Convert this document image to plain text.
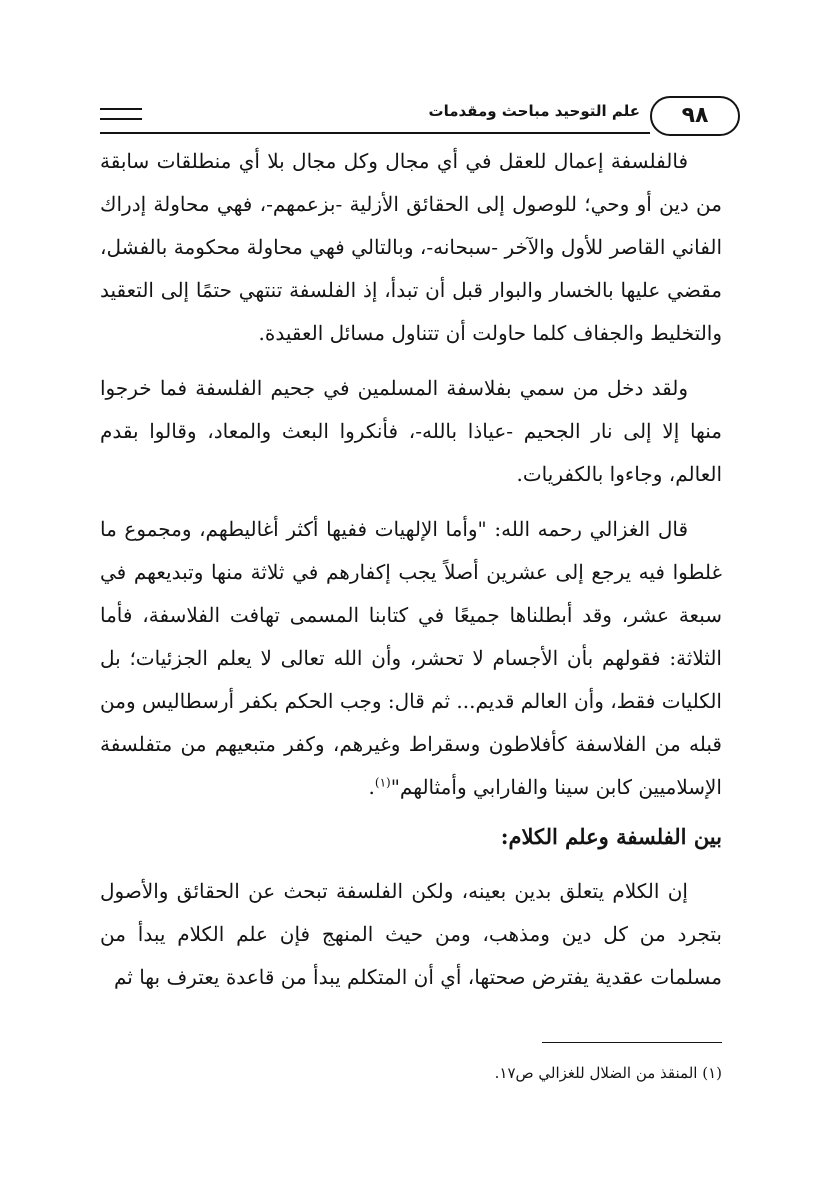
٩٨
علم التوحيد مباحث ومقدمات

فالفلسفة إعمال للعقل في أي مجال وكل مجال بلا أي منطلقات سابقة من دين أو وحي؛ للوصول إلى الحقائق الأزلية -بزعمهم-، فهي محاولة إدراك الفاني القاصر للأول والآخر -سبحانه-، وبالتالي فهي محاولة محكومة بالفشل، مقضي عليها بالخسار والبوار قبل أن تبدأ، إذ الفلسفة تنتهي حتمًا إلى التعقيد والتخليط والجفاف كلما حاولت أن تتناول مسائل العقيدة.

ولقد دخل من سمي بفلاسفة المسلمين في جحيم الفلسفة فما خرجوا منها إلا إلى نار الجحيم -عياذا بالله-، فأنكروا البعث والمعاد، وقالوا بقدم العالم، وجاءوا بالكفريات.

قال الغزالي رحمه الله: "وأما الإلهيات ففيها أكثر أغاليطهم، ومجموع ما غلطوا فيه يرجع إلى عشرين أصلاً يجب إكفارهم في ثلاثة منها وتبديعهم في سبعة عشر، وقد أبطلناها جميعًا في كتابنا المسمى تهافت الفلاسفة، فأما الثلاثة: فقولهم بأن الأجسام لا تحشر، وأن الله تعالى لا يعلم الجزئيات؛ بل الكليات فقط، وأن العالم قديم... ثم قال: وجب الحكم بكفر أرسطاليس ومن قبله من الفلاسفة كأفلاطون وسقراط وغيرهم، وكفر متبعيهم من متفلسفة الإسلاميين كابن سينا والفارابي وأمثالهم"$^{(١)}$.

بين الفلسفة وعلم الكلام:

إن الكلام يتعلق بدين بعينه، ولكن الفلسفة تبحث عن الحقائق والأصول بتجرد من كل دين ومذهب، ومن حيث المنهج فإن علم الكلام يبدأ من مسلمات عقدية يفترض صحتها، أي أن المتكلم يبدأ من قاعدة يعترف بها ثم

(١) المنقذ من الضلال للغزالي ص١٧.
